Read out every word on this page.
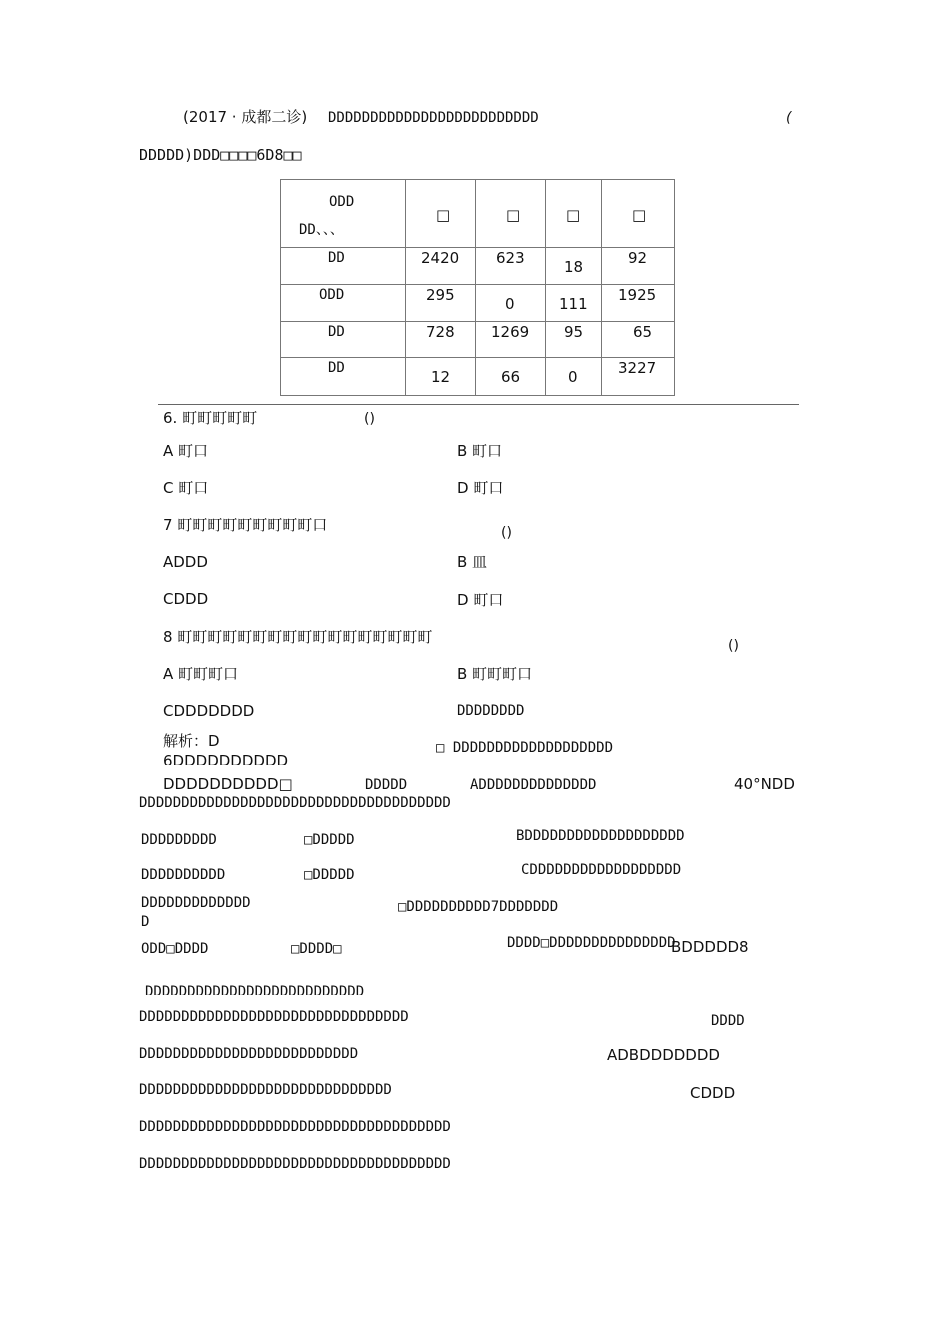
(2017 · 成都二诊) DDDDDDDDDDDDDDDDDDDDDDDDD	(
DDDDD)DDD□□□□6D8□□
ODD
DD、、、	□	□	□	□

DD	2420	623	18	92

ODD	295	0	111	1925

DD	728	1269	95	65

DD	12	66	0	3227
6. 町町町町町	()
A 町口	B 町口
C 町口	D 町口
7 町町町町町町町町町口	()
ADDD	B 皿
CDDD	D 町口
8 町町町町町町町町町町町町町町町町町	()
A 町町町口	B 町町町口
CDDDDDDD	DDDDDDDD
解析：D	□ DDDDDDDDDDDDDDDDDDD
6DDDDDDDDDD
DDDDDDDDDD□	DDDDD	ADDDDDDDDDDDDDD	40°NDD
DDDDDDDDDDDDDDDDDDDDDDDDDDDDDDDDDDDDD
DDDDDDDDD	□DDDDD	BDDDDDDDDDDDDDDDDDDD
DDDDDDDDDD	□DDDDD	CDDDDDDDDDDDDDDDDDD
DDDDDDDDDDDDD	□DDDDDDDDDD7DDDDDDD
D
ODD□DDDD	□DDDD□	DDDD□DDDDDDDDDDDDDDD
BDDDDD8
DDDDDDDDDDDDDDDDDDDDDDDDDD
DDDDDDDDDDDDDDDDDDDDDDDDDDDDDDDD	DDDD
DDDDDDDDDDDDDDDDDDDDDDDDDD	ADBDDDDDDD
DDDDDDDDDDDDDDDDDDDDDDDDDDDDDD	CDDD
DDDDDDDDDDDDDDDDDDDDDDDDDDDDDDDDDDDDD
DDDDDDDDDDDDDDDDDDDDDDDDDDDDDDDDDDDDD
